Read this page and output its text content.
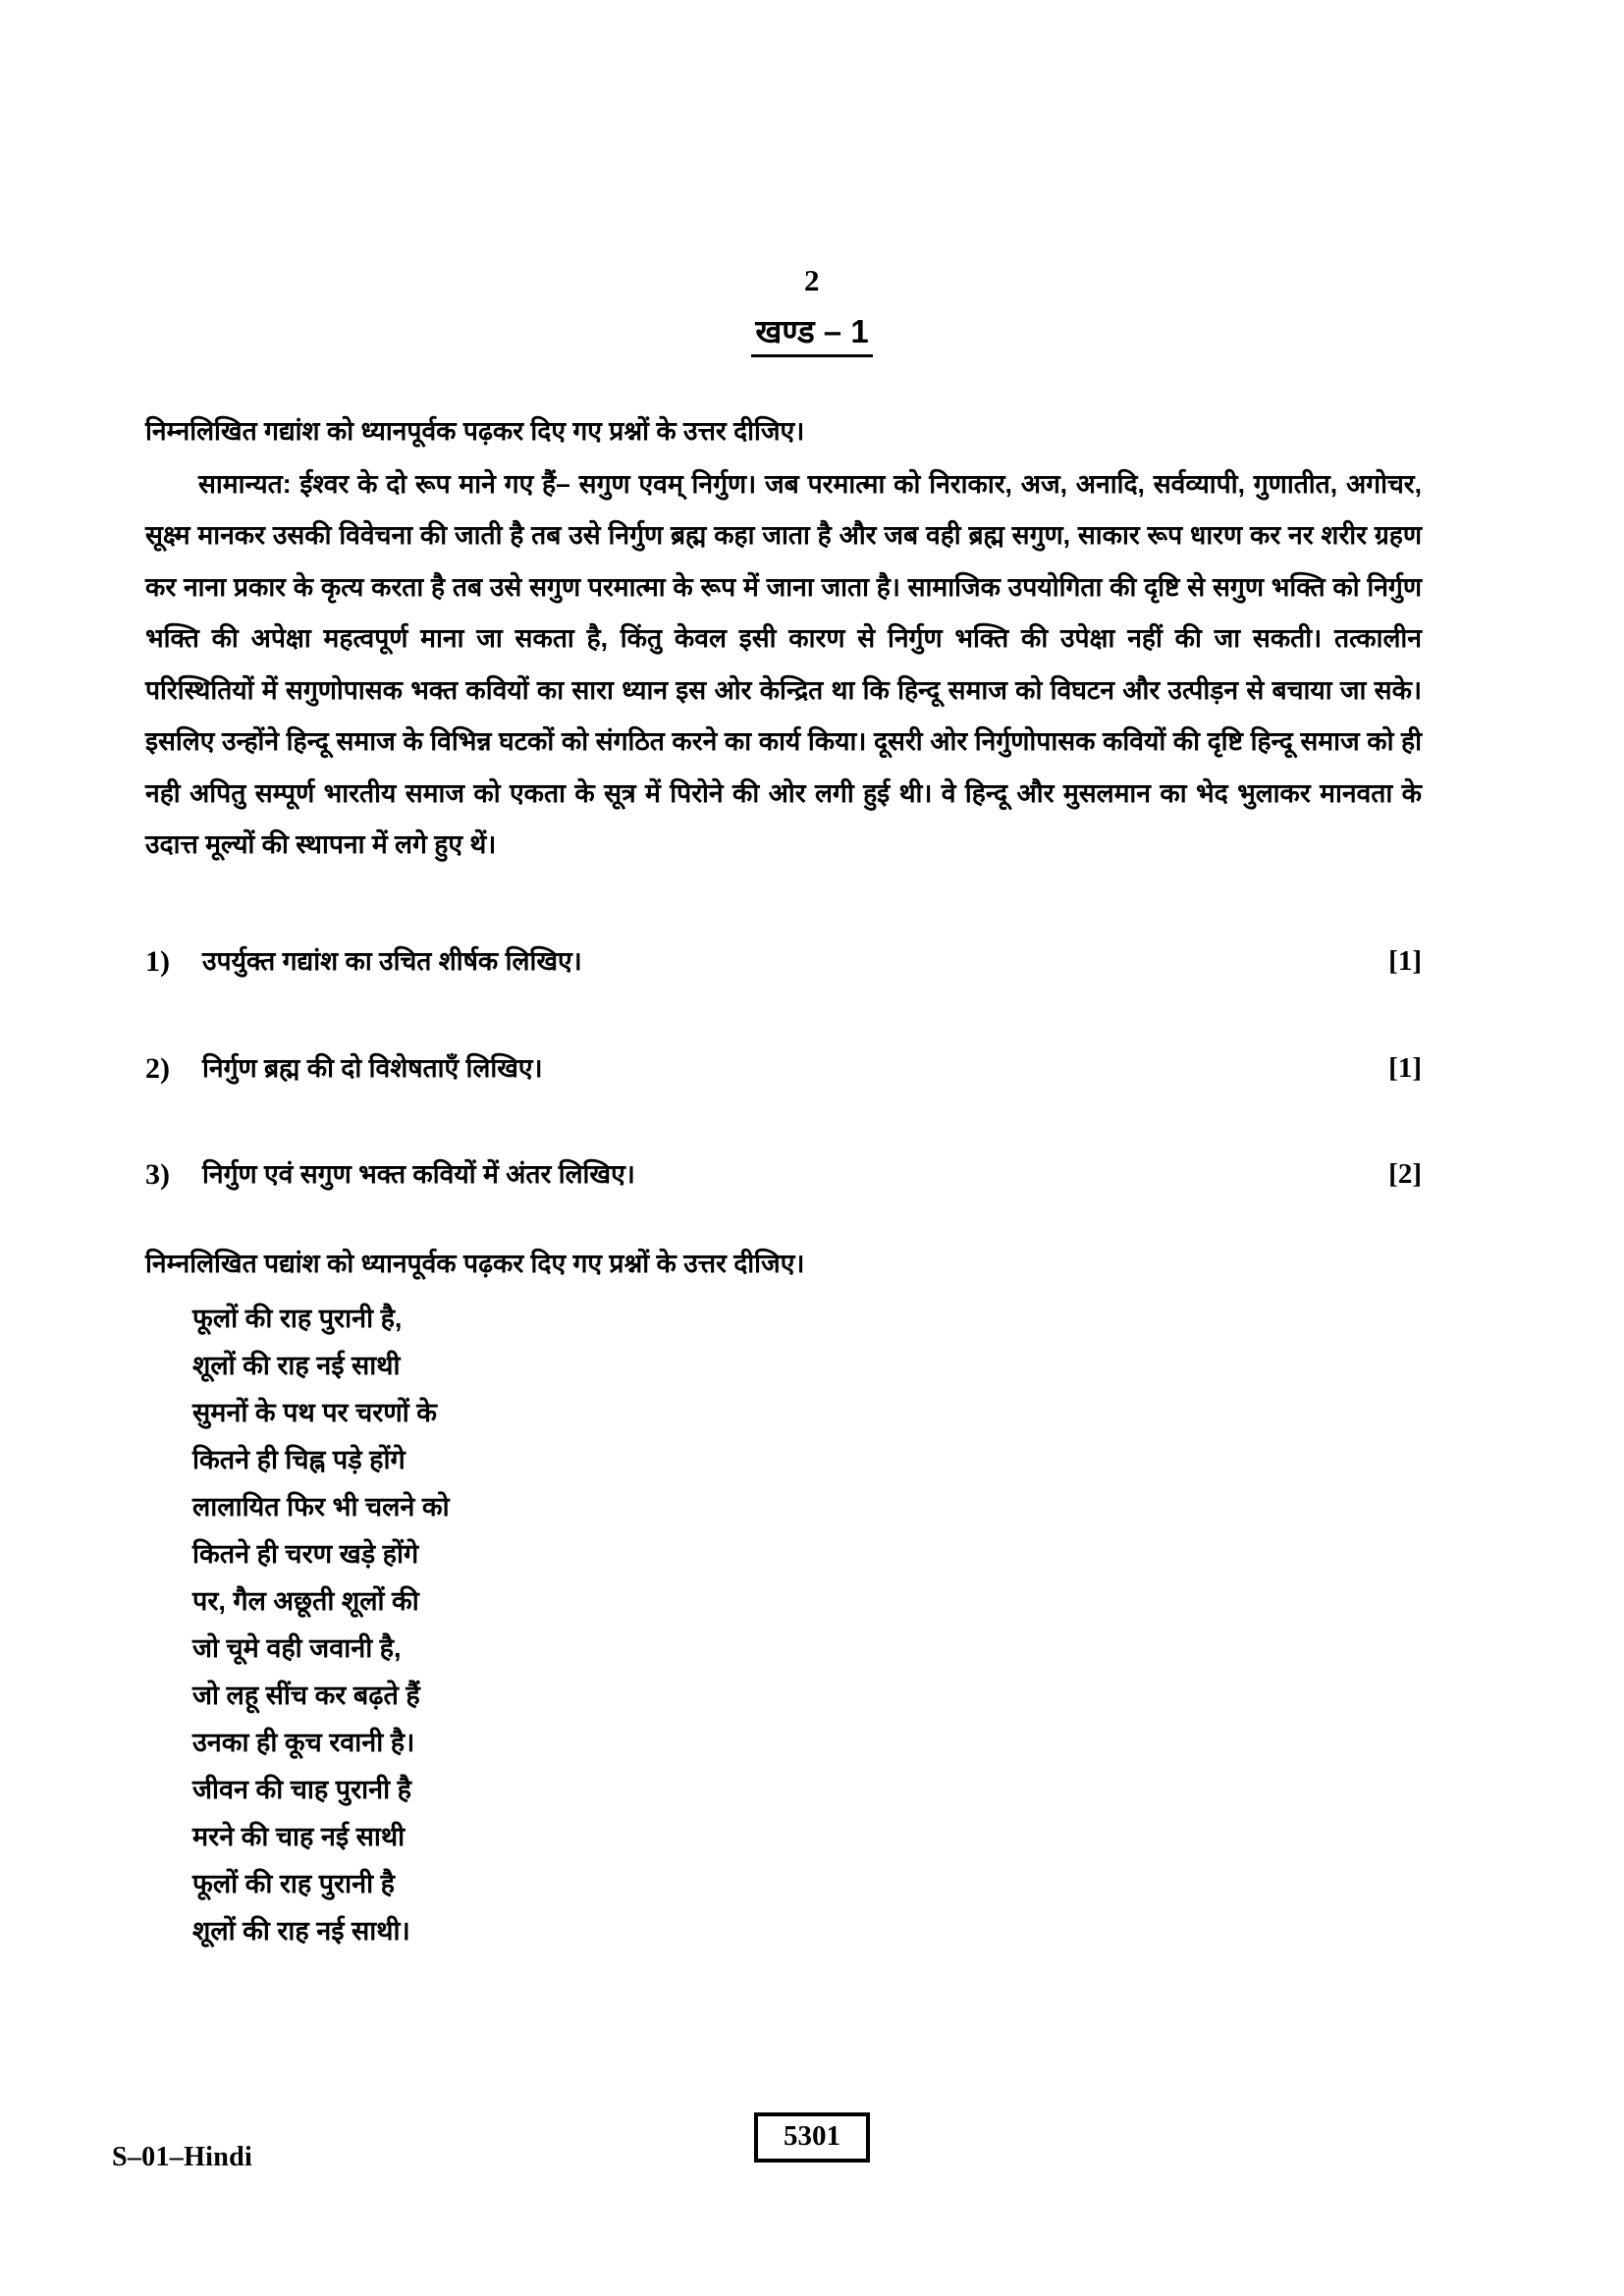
2
खण्ड – 1

निम्नलिखित गद्यांश को ध्यानपूर्वक पढ़कर दिए गए प्रश्नों के उत्तर दीजिए।

सामान्यत: ईश्वर के दो रूप माने गए हैं– सगुण एवम् निर्गुण। जब परमात्मा को निराकार, अज, अनादि, सर्वव्यापी, गुणातीत, अगोचर, सूक्ष्म मानकर उसकी विवेचना की जाती है तब उसे निर्गुण ब्रह्म कहा जाता है और जब वही ब्रह्म सगुण, साकार रूप धारण कर नर शरीर ग्रहण कर नाना प्रकार के कृत्य करता है तब उसे सगुण परमात्मा के रूप में जाना जाता है। सामाजिक उपयोगिता की दृष्टि से सगुण भक्ति को निर्गुण भक्ति की अपेक्षा महत्वपूर्ण माना जा सकता है, किंतु केवल इसी कारण से निर्गुण भक्ति की उपेक्षा नहीं की जा सकती। तत्कालीन परिस्थितियों में सगुणोपासक भक्त कवियों का सारा ध्यान इस ओर केन्द्रित था कि हिन्दू समाज को विघटन और उत्पीड़न से बचाया जा सके। इसलिए उन्होंने हिन्दू समाज के विभिन्न घटकों को संगठित करने का कार्य किया। दूसरी ओर निर्गुणोपासक कवियों की दृष्टि हिन्दू समाज को ही नही अपितु सम्पूर्ण भारतीय समाज को एकता के सूत्र में पिरोने की ओर लगी हुई थी। वे हिन्दू और मुसलमान का भेद भुलाकर मानवता के उदात्त मूल्यों की स्थापना में लगे हुए थें।

1)	उपर्युक्त गद्यांश का उचित शीर्षक लिखिए।	[1]
2)	निर्गुण ब्रह्म की दो विशेषताएँ लिखिए।	[1]
3)	निर्गुण एवं सगुण भक्त कवियों में अंतर लिखिए।	[2]
निम्नलिखित पद्यांश को ध्यानपूर्वक पढ़कर दिए गए प्रश्नों के उत्तर दीजिए।
फूलों की राह पुरानी है,
शूलों की राह नई साथी
सुमनों के पथ पर चरणों के
कितने ही चिह्न पड़े होंगे
लालायित फिर भी चलने को
कितने ही चरण खड़े होंगे
पर, गैल अछूती शूलों की
जो चूमे वही जवानी है,
जो लहू सींच कर बढ़ते हैं
उनका ही कूच रवानी है।
जीवन की चाह पुरानी है
मरने की चाह नई साथी
फूलों की राह पुरानी है
शूलों की राह नई साथी।
S–01–Hindi
5301
